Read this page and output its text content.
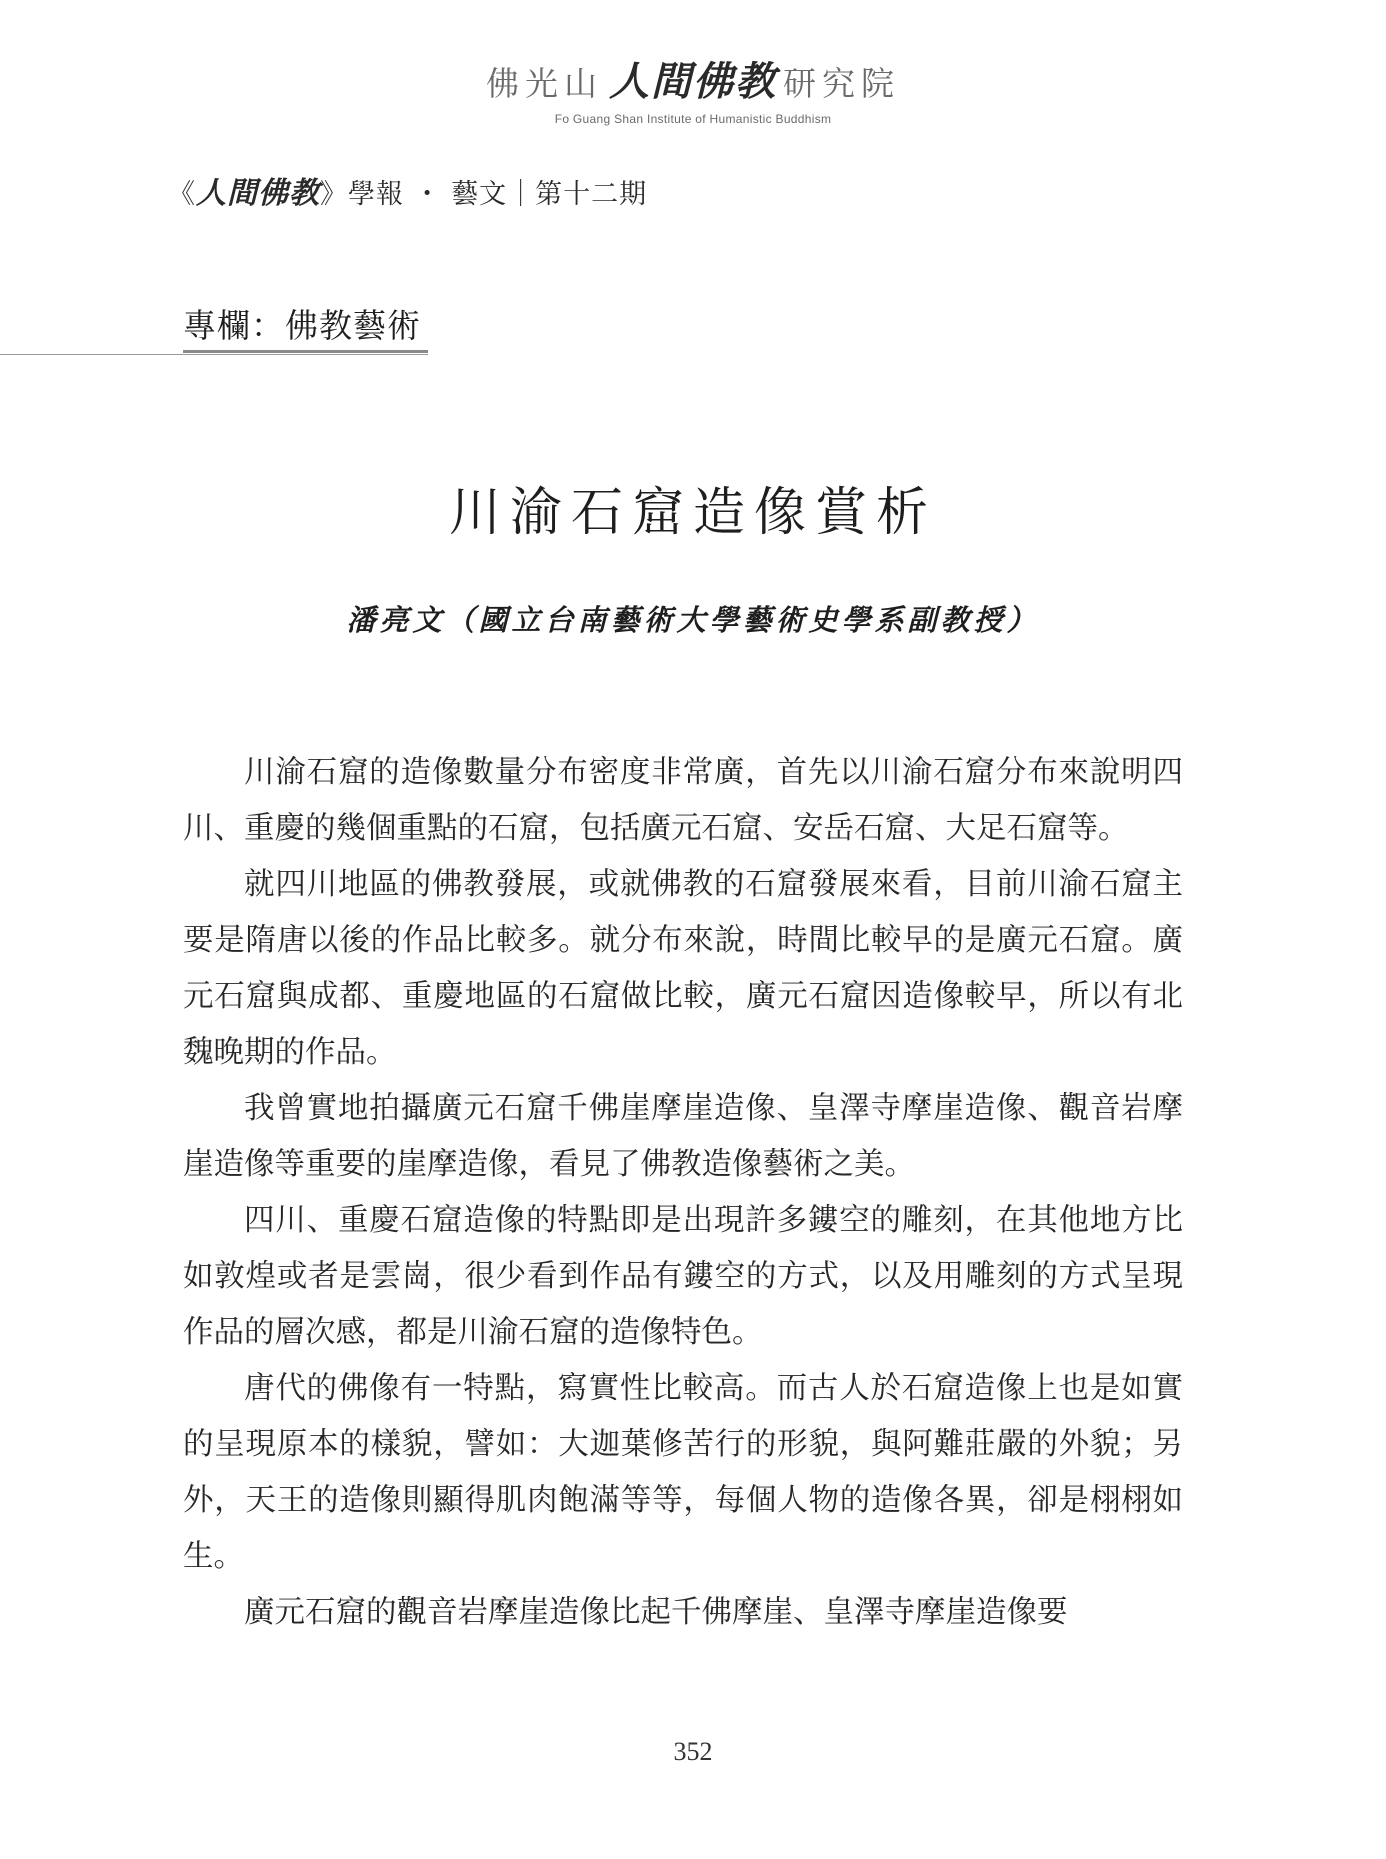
佛光山 人間佛教 研究院
Fo Guang Shan Institute of Humanistic Buddhism
《人間佛教》學報 ・ 藝文｜第十二期
專欄：佛教藝術
川渝石窟造像賞析
潘亮文（國立台南藝術大學藝術史學系副教授）

川渝石窟的造像數量分布密度非常廣，首先以川渝石窟分布來說明四川、重慶的幾個重點的石窟，包括廣元石窟、安岳石窟、大足石窟等。

就四川地區的佛教發展，或就佛教的石窟發展來看，目前川渝石窟主要是隋唐以後的作品比較多。就分布來說，時間比較早的是廣元石窟。廣元石窟與成都、重慶地區的石窟做比較，廣元石窟因造像較早，所以有北魏晚期的作品。

我曾實地拍攝廣元石窟千佛崖摩崖造像、皇澤寺摩崖造像、觀音岩摩崖造像等重要的崖摩造像，看見了佛教造像藝術之美。

四川、重慶石窟造像的特點即是出現許多鏤空的雕刻，在其他地方比如敦煌或者是雲崗，很少看到作品有鏤空的方式，以及用雕刻的方式呈現作品的層次感，都是川渝石窟的造像特色。

唐代的佛像有一特點，寫實性比較高。而古人於石窟造像上也是如實的呈現原本的樣貌，譬如：大迦葉修苦行的形貌，與阿難莊嚴的外貌；另外，天王的造像則顯得肌肉飽滿等等，每個人物的造像各異，卻是栩栩如生。

廣元石窟的觀音岩摩崖造像比起千佛摩崖、皇澤寺摩崖造像要

352
